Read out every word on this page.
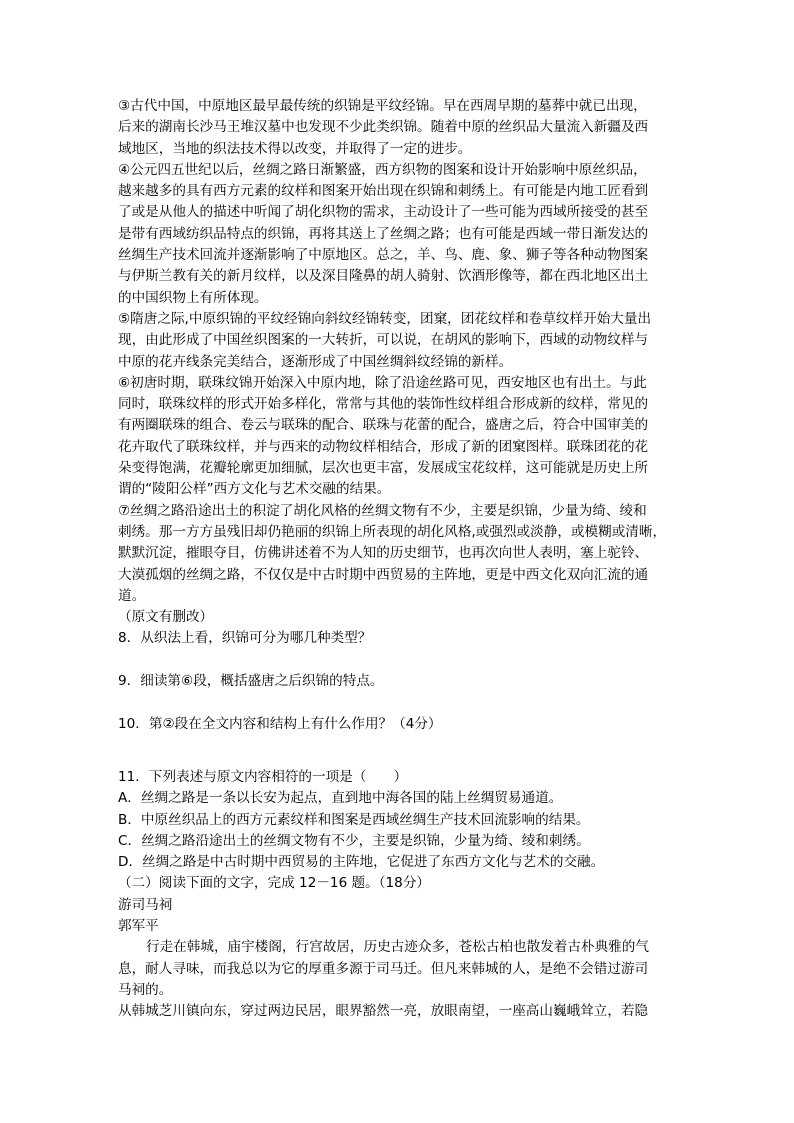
③古代中国，中原地区最早最传统的织锦是平纹经锦。早在西周早期的墓葬中就已出现，
后来的湖南长沙马王堆汉墓中也发现不少此类织锦。随着中原的丝织品大量流入新疆及西
域地区，当地的织法技术得以改变，并取得了一定的进步。
④公元四五世纪以后，丝绸之路日渐繁盛，西方织物的图案和设计开始影响中原丝织品，
越来越多的具有西方元素的纹样和图案开始出现在织锦和刺绣上。有可能是内地工匠看到
了或是从他人的描述中听闻了胡化织物的需求，主动设计了一些可能为西域所接受的甚至
是带有西域纺织品特点的织锦，再将其送上了丝绸之路；也有可能是西域一带日渐发达的
丝绸生产技术回流并逐渐影响了中原地区。总之，羊、鸟、鹿、象、狮子等各种动物图案
与伊斯兰教有关的新月纹样，以及深目隆鼻的胡人骑射、饮酒形像等，都在西北地区出土
的中国织物上有所体现。
⑤隋唐之际,中原织锦的平纹经锦向斜纹经锦转变，团窠，团花纹样和卷草纹样开始大量出
现，由此形成了中国丝织图案的一大转折，可以说，在胡风的影响下，西域的动物纹样与
中原的花卉线条完美结合，逐渐形成了中国丝绸斜纹经锦的新样。
⑥初唐时期，联珠纹锦开始深入中原内地，除了沿途丝路可见，西安地区也有出土。与此
同时，联珠纹样的形式开始多样化，常常与其他的装饰性纹样组合形成新的纹样，常见的
有两圈联珠的组合、卷云与联珠的配合、联珠与花蕾的配合，盛唐之后，符合中国审美的
花卉取代了联珠纹样，并与西来的动物纹样相结合，形成了新的团窠图样。联珠团花的花
朵变得饱满，花瓣轮廓更加细腻，层次也更丰富，发展成宝花纹样，这可能就是历史上所
谓的“陵阳公样”西方文化与艺术交融的结果。
⑦丝绸之路沿途出土的积淀了胡化风格的丝绸文物有不少，主要是织锦，少量为绮、绫和
刺绣。那一方方虽残旧却仍艳丽的织锦上所表现的胡化风格,或强烈或淡静，或模糊或清晰，
默默沉淀，摧眼夺目，仿佛讲述着不为人知的历史细节，也再次向世人表明，塞上驼铃、
大漠孤烟的丝绸之路，不仅仅是中古时期中西贸易的主阵地，更是中西文化双向汇流的通
道。
（原文有删改）
8．从织法上看，织锦可分为哪几种类型？
9．细读第⑥段，概括盛唐之后织锦的特点。
10．第②段在全文内容和结构上有什么作用？（4分）
11．下列表述与原文内容相符的一项是（　　）
A．丝绸之路是一条以长安为起点，直到地中海各国的陆上丝绸贸易通道。
B．中原丝织品上的西方元素纹样和图案是西域丝绸生产技术回流影响的结果。
C．丝绸之路沿途出土的丝绸文物有不少，主要是织锦，少量为绮、绫和刺绣。
D．丝绸之路是中古时期中西贸易的主阵地，它促进了东西方文化与艺术的交融。
（二）阅读下面的文字，完成 12－16 题。（18分）
游司马祠
郭军平
行走在韩城，庙宇楼阁，行宫故居，历史古迹众多，苍松古柏也散发着古朴典雅的气
息，耐人寻味，而我总以为它的厚重多源于司马迁。但凡来韩城的人，是绝不会错过游司
马祠的。
从韩城芝川镇向东，穿过两边民居，眼界豁然一亮，放眼南望，一座高山巍峨耸立，若隐
